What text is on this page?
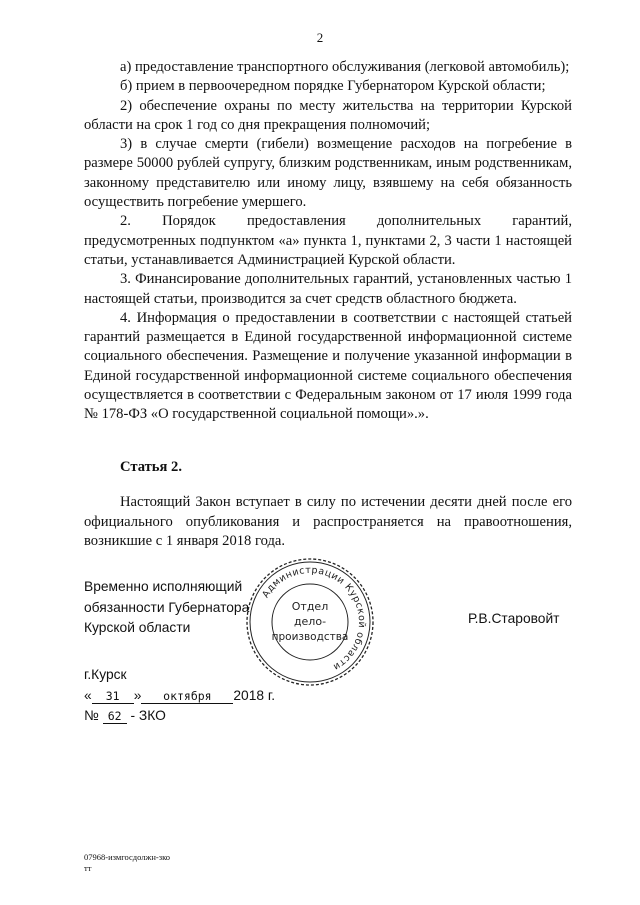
2

а) предоставление транспортного обслуживания (легковой автомобиль);

б) прием в первоочередном порядке Губернатором Курской области;

2) обеспечение охраны по месту жительства на территории Курской области на срок 1 год со дня прекращения полномочий;

3) в случае смерти (гибели) возмещение расходов на погребение в размере 50000 рублей супругу, близким родственникам, иным родственникам, законному представителю или иному лицу, взявшему на себя обязанность осуществить погребение умершего.

2. Порядок предоставления дополнительных гарантий, предусмотренных подпунктом «а» пункта 1, пунктами 2, 3 части 1 настоящей статьи, устанавливается Администрацией Курской области.

3. Финансирование дополнительных гарантий, установленных частью 1 настоящей статьи, производится за счет средств областного бюджета.

4. Информация о предоставлении в соответствии с настоящей статьей гарантий размещается в Единой государственной информационной системе социального обеспечения. Размещение и получение указанной информации в Единой государственной информационной системе социального обеспечения осуществляется в соответствии с Федеральным законом от 17 июля 1999 года № 178-ФЗ «О государственной социальной помощи».».

Статья 2.
Настоящий Закон вступает в силу по истечении десяти дней после его официального опубликования и распространяется на правоотношения, возникшие с 1 января 2018 года.
Временно исполняющий
обязанности Губернатора
Курской области
Администрации Курской области
Отдел
дело-
производства
Р.В.Старовойт
г.Курск
« 31 » октября 2018 г.
№ 62 - ЗКО
07968-измгосдолжн-зко
тт
